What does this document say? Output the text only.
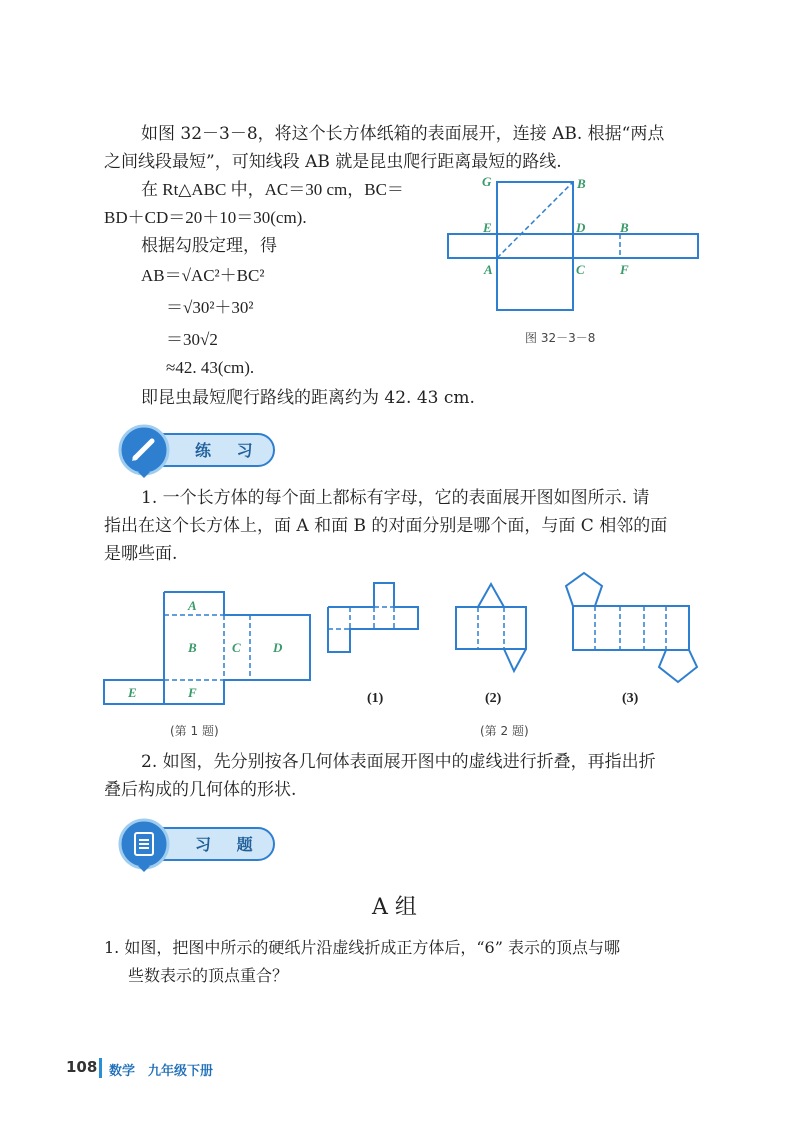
如图 32－3－8，将这个长方体纸箱的表面展开，连接 AB. 根据“两点
之间线段最短”，可知线段 AB 就是昆虫爬行距离最短的路线.
在 Rt△ABC 中，AC＝30 cm，BC＝
BD＋CD＝20＋10＝30(cm).
根据勾股定理，得
AB＝√AC²＋BC²
＝√30²＋30²
＝30√2
≈42. 43(cm).
即昆虫最短爬行路线的距离约为 42. 43 cm.
G	B
E	D	B
A	C	F
图 32－3－8
练 习
1. 一个长方体的每个面上都标有字母，它的表面展开图如图所示. 请
指出在这个长方体上，面 A 和面 B 的对面分别是哪个面，与面 C 相邻的面
是哪些面.
A
B	C D
E	F
(第 1 题)
(1)	(2)	(3)
(第 2 题)
2. 如图，先分别按各几何体表面展开图中的虚线进行折叠，再指出折
叠后构成的几何体的形状.
习 题
A 组
1. 如图，把图中所示的硬纸片沿虚线折成正方体后，“6” 表示的顶点与哪
些数表示的顶点重合？
108 数学　九年级下册
